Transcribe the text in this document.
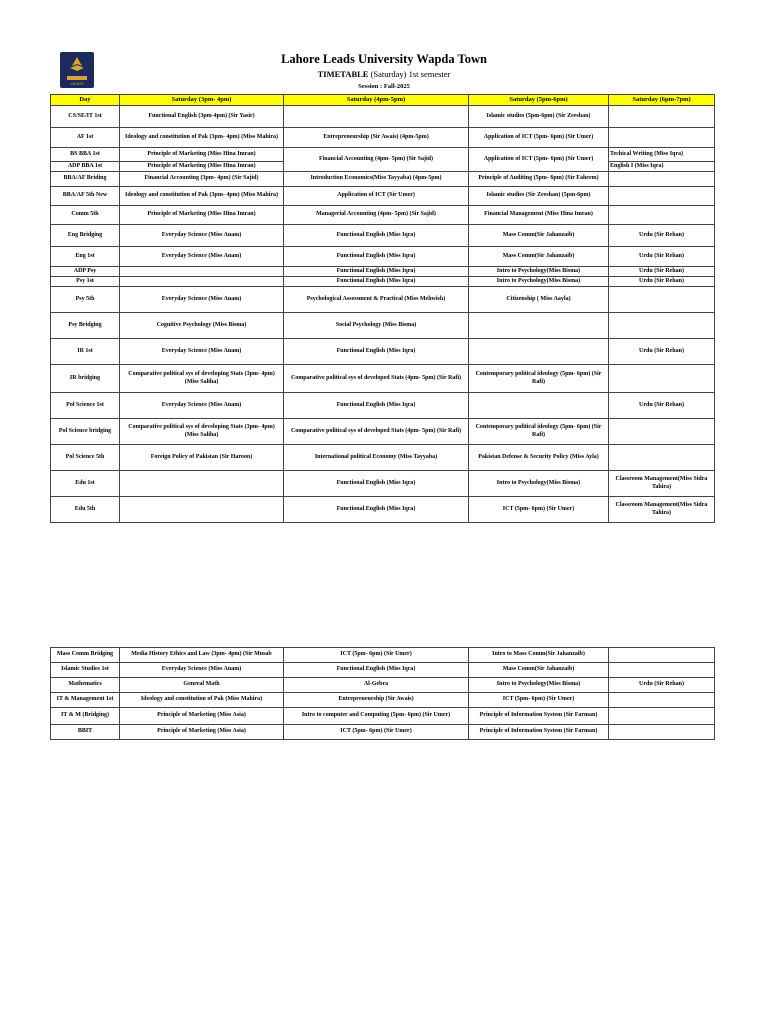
LEADS
Lahore Leads University Wapda Town
TIMETABLE (Saturday) 1st semester
Session : Fall-2025
Day	Saturday (3pm- 4pm)	Saturday (4pm-5pm)	Saturday (5pm-6pm)	Saturday (6pm-7pm)
CS/SE/IT 1st	Functional English (3pm-4pm) (Sir Yasir)		Islamic studies (5pm-6pm) (Sir Zeeshan)	
AF 1st	Ideology and constitution of Pak (3pm- 4pm) (Miss Mahira)	Entrepreneurship (Sir Awais) (4pm-5pm)	Application of ICT (5pm- 6pm) (Sir Umer)	
BS BBA 1st	Principle of Marketing (Miss Hina Imran)	Financial Accounting (4pm- 5pm) (Sir Sajid)	Application of ICT (5pm- 6pm) (Sir Umer)	Techical Writing (Miss Iqra)
ADP BBA 1st	Principle of Marketing (Miss Hina Imran)			English I (Miss Iqra)
BBA/AF Briding	Financial Accounting (3pm- 4pm) (Sir Sajid)	Introduction Economics(Miss Tayyaba) (4pm-5pm)	Principle of Auditing (5pm- 6pm) (Sir Faheem)	
BBA/AF 5th New	Ideology and constitution of Pak (3pm- 4pm) (Miss Mahira)	Application of ICT (Sir Umer)	Islamic studies (Sir Zeeshan) (5pm-6pm)	
Comm 5th	Principle of Marketing (Miss Hina Imran)	Managerial Accounting (4pm- 5pm) (Sir Sajid)	Financial Management (Miss Hina Imran)	
Eng Bridging	Everyday Science (Miss Anam)	Functional English (Miss Iqra)	Mass Comm(Sir Jahanzaib)	Urdu (Sir Rehan)
Eng 1st	Everyday Science (Miss Anam)	Functional English (Miss Iqra)	Mass Comm(Sir Jahanzaib)	Urdu (Sir Rehan)
ADP Psy		Functional English (Miss Iqra)	Intro to Psychology(Miss Bisma)	Urdu (Sir Rehan)
Psy 1st		Functional English (Miss Iqra)	Intro to Psychology(Miss Bisma)	Urdu (Sir Rehan)
Psy 5th	Everyday Science (Miss Anam)	Psychological Assessment & Practical (Miss Mehwish)	Citizenship ( Miss Aayla)	
Psy Bridging	Cognitive Psychology (Miss Bisma)	Social Psychology (Miss Bisma)		
IR 1st	Everyday Science (Miss Anam)	Functional English (Miss Iqra)		Urdu (Sir Rehan)
IR bridging	Comparative political sys of developing Stats (3pm- 4pm) (Miss Saliha)	Comparative political sys of developed Stats (4pm- 5pm) (Sir Rafi)	Contemporary political ideology (5pm- 6pm) (Sir Rafi)	
Pol Science 1st	Everyday Science (Miss Anam)	Functional English (Miss Iqra)		Urdu (Sir Rehan)
Pol Science bridging	Comparative political sys of developing Stats (3pm- 4pm) (Miss Saliha)	Comparative political sys of developed Stats (4pm- 5pm) (Sir Rafi)	Contemporary political ideology (5pm- 6pm) (Sir Rafi)	
Pol Science 5th	Foreign Policy of Pakistan (Sir Haroon)	International political Economy (Miss Tayyaba)	Pakistan Defense & Security Policy (Miss Ayla)	
Edu 1st		Functional English (Miss Iqra)	Intro to Psychology(Miss Bisma)	Classroom Management(Miss Sidra Tahira)
Edu 5th		Functional English (Miss Iqra)	ICT (5pm- 6pm) (Sir Umer)	Classroom Management(Miss Sidra Tahira)
Mass Comm Bridging	Media History Ethics and Law (3pm- 4pm) (Sir Musab	ICT (5pm- 6pm) (Sir Umer)	Intro to Mass Comm(Sir Jahanzaib)	
Islamic Studies 1st	Everyday Science (Miss Anam)	Functional English (Miss Iqra)	Mass Comm(Sir Jahanzaib)	
Mathematics	General Math	Al-Gebra	Intro to Psychology(Miss Bisma)	Urdu (Sir Rehan)
IT & Management 1st	Ideology and constitution of Pak (Miss Mahira)	Entrepreneurship (Sir Awais)	ICT (5pm- 6pm) (Sir Umer)	
IT & M (Bridging)	Principle of Marketing (Miss Asia)	Intro to computer and Computing (5pm- 6pm) (Sir Umer)	Principle of Information System (Sir Farman)	
BBIT	Principle of Marketing (Miss Asia)	ICT (5pm- 6pm) (Sir Umer)	Principle of Information System (Sir Farman)	
